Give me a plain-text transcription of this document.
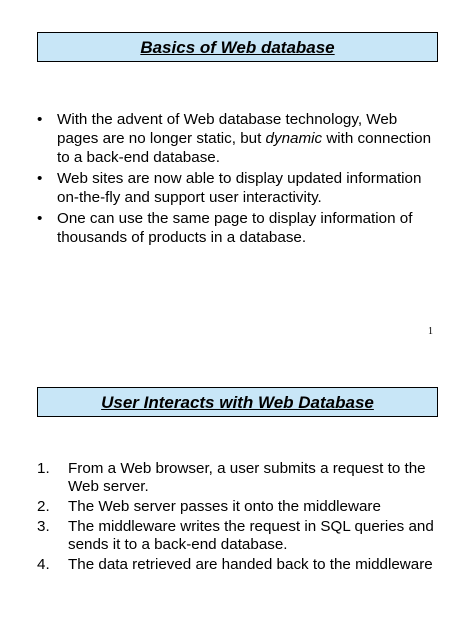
Basics of Web database
• With the advent of Web database technology, Web pages are no longer static, but dynamic with connection to a back-end database.
• Web sites are now able to display updated information on-the-fly and support user interactivity.
• One can use the same page to display information of thousands of products in a database.
1
User Interacts with Web Database
1. From a Web browser, a user submits a request to the Web server.
2. The Web server passes it onto the middleware
3. The middleware writes the request in SQL queries and sends it to a back-end database.
4. The data retrieved are handed back to the middleware
